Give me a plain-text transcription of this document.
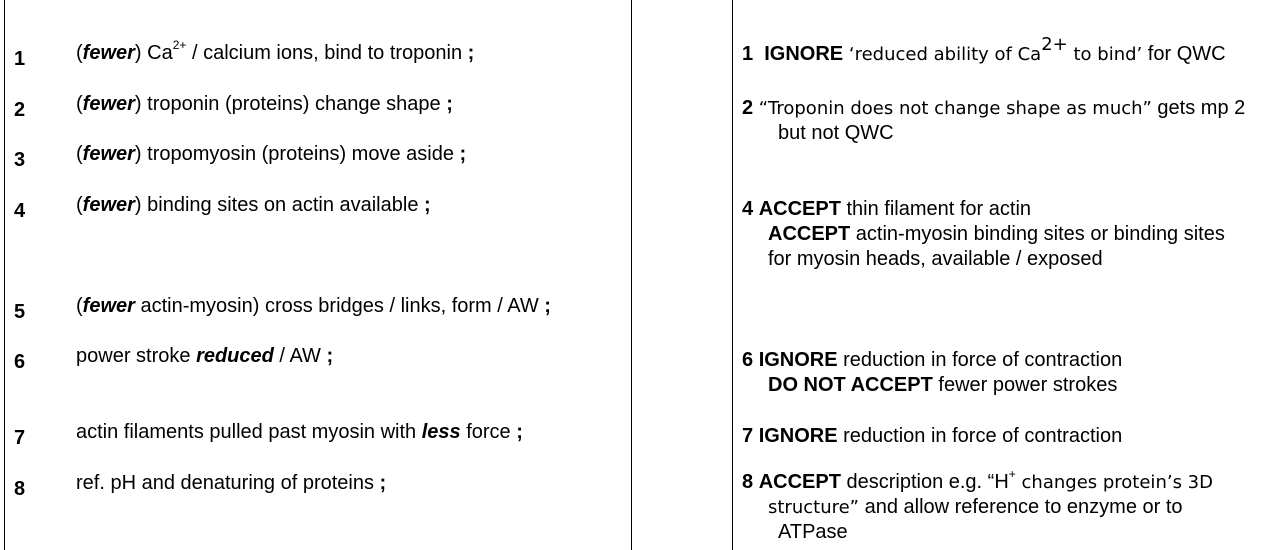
1	(fewer) $Ca^{2+}$ / calcium ions, bind to troponin ;
2	(fewer) troponin (proteins) change shape ;
3	(fewer) tropomyosin (proteins) move aside ;
4	(fewer) binding sites on actin available ;
5	(fewer actin-myosin) cross bridges / links, form / AW ;
6	power stroke reduced / AW ;
7	actin filaments pulled past myosin with less force ;
8	ref. pH and denaturing of proteins ;
1 IGNORE ‘reduced ability of $Ca^{2+}$ to bind’ for QWC
2 “Troponin does not change shape as much” gets mp 2
but not QWC
4 ACCEPT thin filament for actin
ACCEPT actin-myosin binding sites or binding sites
for myosin heads, available / exposed
6 IGNORE reduction in force of contraction
DO NOT ACCEPT fewer power strokes
7 IGNORE reduction in force of contraction
8 ACCEPT description e.g. “H+ changes protein’s 3D
structure” and allow reference to enzyme or to
ATPase
